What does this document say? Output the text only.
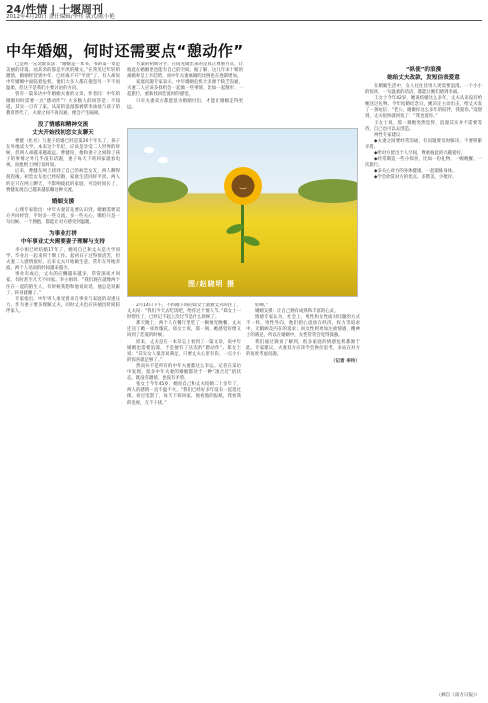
24/性情 | 十堰周刊
2012年4月20日 责任编辑/李玲 版式/陈小艳
中年婚姻，何时还需要点“憩动作”

已是初一兄北职员法：“婚姻是一本书，书的第一章是美丽的诗篇，而其余的都是平淡的散文。”在常见过年轻的激情，婚姻经营到中年，已经离不开“平淡”了。有人却说中年婚姻中面临着危机，他们大多人都在抱怨另一半不再温柔，但这不是我们主要讨论的方向。

曾有一篇采访中年婚姻夫妻的文章，作者问：中年的婚姻何时需要一点“憩动作”？大多数人的回答是：不知道。其实一旦有了家，从前的浪漫都被柴米油盐与孩子的教育替代了，夫妻之间不再沟通，便会产生隔阂。

没了情感和精神交流
丈夫开始找初恋女友聊天

曹健（化名）与妻子结婚已经是第20个年头了，孩子在外地读大学。本来这个年纪，应该是享受二人世界的时候，但两人却越来越疏远。曹健说，他和妻子之间除了孩子的事情之外几乎没有话题，妻子每天下班回家就看电视，而他则上网打发时间。

后来，曹健在网上找到了自己的初恋女友，两人聊得很投缘。初恋女友也已经结婚，家庭生活同样平淡。两人约定只在网上聊天，不影响彼此的家庭，可是时间长了，曹健发现自己越来越依赖这种交流。

婚姻支援

心理专家指出：中年夫妻首先要认识到，婚姻需要双方共同经营，平时多一些交流，多一些关心，哪怕只是一句问候、一个拥抱，都能让对方感受到温暖。

为事业打拼
中年事业丈夫需要妻子理解与支持

李小姐已经结婚17年了，她说自己和丈夫是大学同学，毕业后一起来到十堰工作。起初日子过得很清苦，但夫妻二人感情很好。后来丈夫开始做生意，常年在外地奔波，两个人见面的时间越来越少。

事业有成后，丈夫的应酬越来越多，常常深夜才回家，有时甚至几天不回家。李小姐说：“我们现在就像两个住在一起的陌生人，有时候我想和他说说话，他总是说累了，转身就睡了。”

专家指出，中年男人承受着来自事业与家庭的双重压力，作为妻子要多理解丈夫，同时丈夫也应该抽出时间陪伴家人。

方案的初期分手，在间先做出来的是真正尊重方式，让彼此在婚姻里也能有自己的空间。据了解，这几年来十堰的离婚率呈上升趋势，而中年夫妻离婚的比例也在逐渐增加。

家庭问题专家表示，中年婚姻危机大多源于缺乏沟通，夫妻二人应该多找机会一起做一些事情，比如一起散步、一起旅行，重新找回恋爱时的感觉。

只有夫妻双方都愿意为婚姻付出，才能让婚姻走得更远。

‿
图/赵晓明 摄

2月14日下午，不料刚下班的郑女士就被丈夫叫住了，丈夫说：“我们今天去吃饭吧，给你过个情人节。”郑女士一时愣住了，已经记不起上次过节是什么时候了。

那天晚上，两个人在餐厅里吃了一顿烛光晚餐，丈夫还送了她一束玫瑰花。郑女士说，那一刻，她感觉好像又回到了恋爱的时候。

原来，丈夫是在一本杂志上看到了一篇文章，说中年婚姻也需要浪漫，于是便有了这次的“憩动作”。郑女士说：“其实女人很容易满足，只要丈夫心里有你，一点小小的惊喜就足够了。”

然而并不是所有的中年夫妻都这么幸运。记者在采访中发现，很多中年夫妻的婚姻都处于一种“凑合过”的状态，既没有激情，也没有矛盾。

张女士今年45岁，她说自己和丈夫结婚二十多年了，两人的感情一直不温不火。“我们已经好多年没有一起逛过街、看过电影了，每天下班回家，他看他的报纸，我看我的电视，互不干扰。”

好啊。”

婚姻支援：让自己拥有成熟和丰富的心灵。

情感专家认为，社会上，男性和女性面对问题的方式不一样。男性外向，他们把心思放在经济、权力等追求中，无暇顾及内在的追求；而女性则更加注重情感、精神上的满足。所以在婚姻中，女性常常会觉得孤独。

我们通过调查了解到，很多家庭的情感危机都源于此。专家建议，夫妻双方应该学会换位思考，多站在对方的角度考虑问题。

（记者 李玲）
“纵使”的浪漫
她给丈夫改款，发短信表爱意

在婚姻生活中，女人往往比男人更需要浪漫。一个小小的惊喜，一句温柔的话语，都能让她们感到幸福。

王女士今年42岁，她说结婚这么多年，丈夫从来没有给她送过礼物。今年结婚纪念日，她决定主动出击，给丈夫发了一条短信：“老公，谢谢你这么多年的陪伴，我爱你。”没想到，丈夫很快就回复了：“我也爱你。”

王女士说，那一刻她突然觉得，浪漫其实并不需要等待，自己也可以去创造。

两性专家建议：

◆夫妻之间要经常沟通，有问题要及时解决，不要积累矛盾。

◆给对方留出个人空间，尊重彼此的兴趣爱好。

◆经常制造一些小惊喜，比如一份礼物、一顿晚餐、一次旅行。

◆多关心对方的身体健康，一起锻炼身体。

◆学会欣赏对方的优点，多赞美，少批评。

（摘自《南方日报》）
